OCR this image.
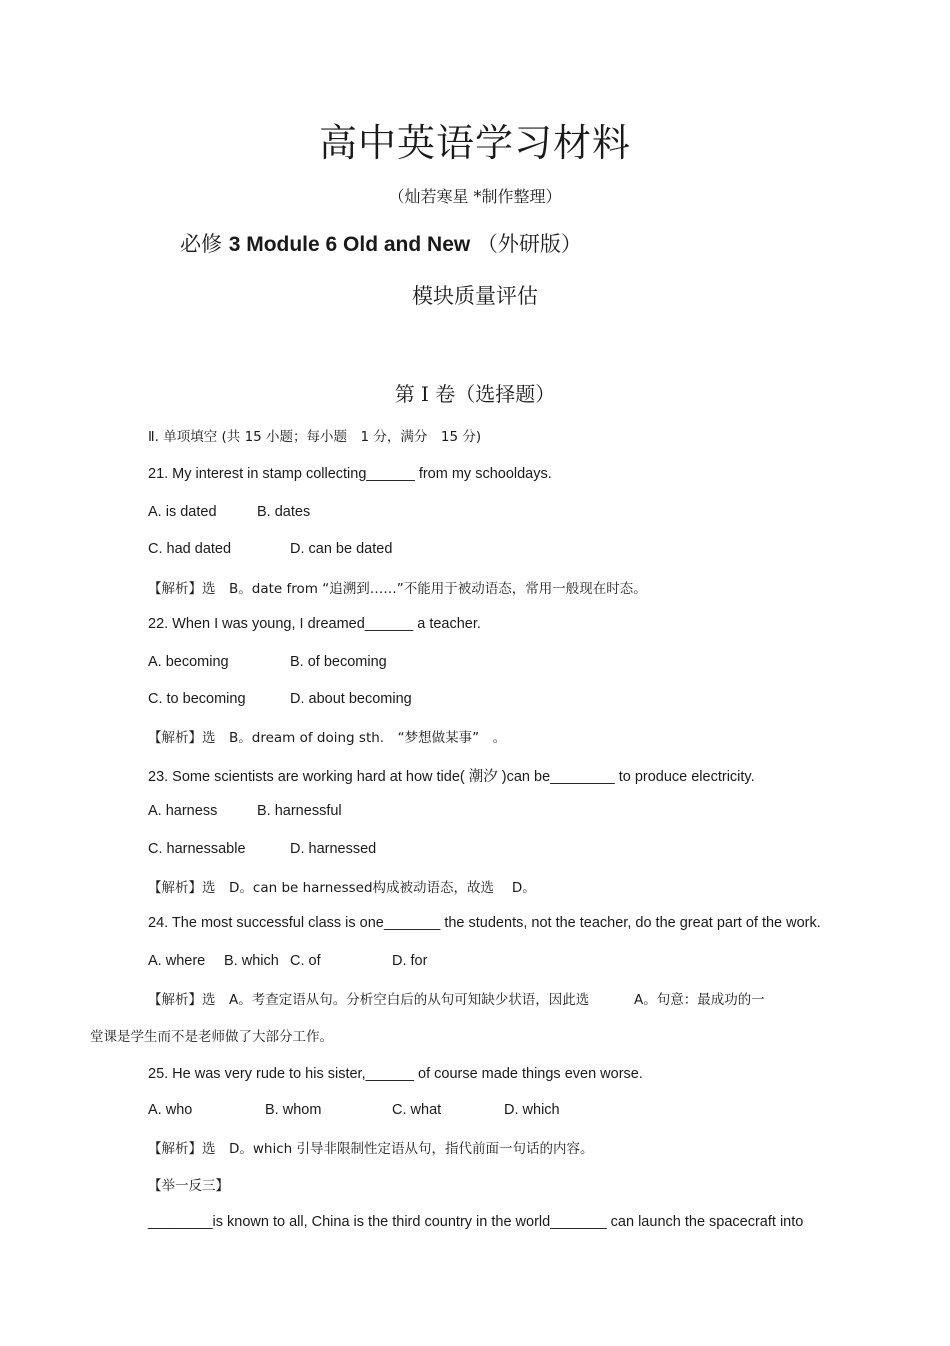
高中英语学习材料
（灿若寒星 *制作整理）
必修 3 Module 6 Old and New （外研版）
模块质量评估
第 I 卷（选择题）
Ⅱ. 单项填空 (共 15 小题；每小题　1 分，满分　15 分)
21. My interest in stamp collecting______ from my schooldays.
A. is dated	B. dates
C. had dated	D. can be dated
【解析】选　B。date from “追溯到……”不能用于被动语态，常用一般现在时态。
22. When I was young, I dreamed______ a teacher.
A. becoming	B. of becoming
C. to becoming	D. about becoming
【解析】选　B。dream of doing sth.　“梦想做某事”　。
23. Some scientists are working hard at how tide( 潮汐 )can be________ to produce electricity.
A. harness	B. harnessful
C. harnessable	D. harnessed
【解析】选　D。can be harnessed构成被动语态，故选　 D。
24. The most successful class is one_______ the students, not the teacher, do the great part of the work.
A. where B. which C. of	D. for
【解析】选　A。考查定语从句。分析空白后的从句可知缺少状语，因此选　　　 A。句意：最成功的一
堂课是学生而不是老师做了大部分工作。
25. He was very rude to his sister,______ of course made things even worse.
A. who	B. whom	C. what	D. which
【解析】选　D。which 引导非限制性定语从句，指代前面一句话的内容。
【举一反三】
________is known to all, China is the third country in the world_______ can launch the spacecraft into
